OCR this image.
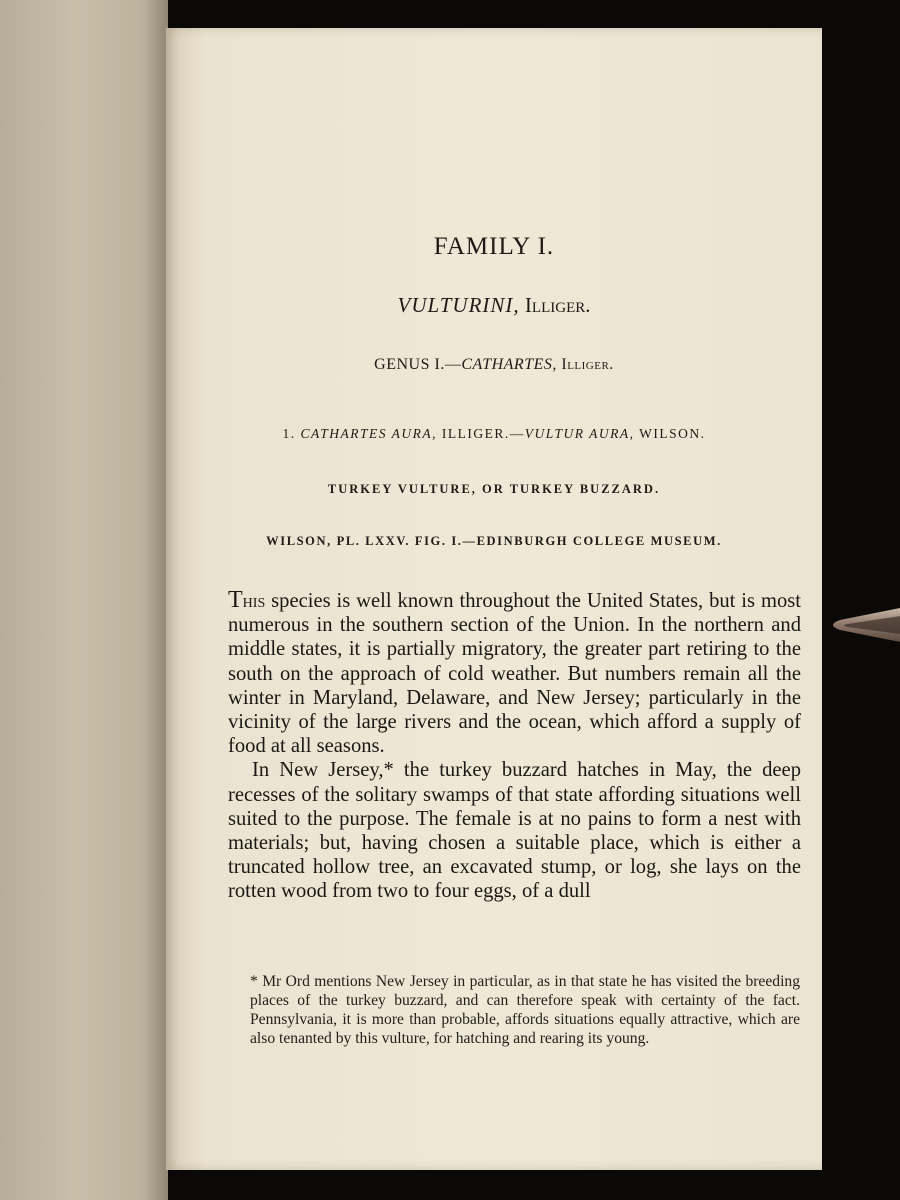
FAMILY I.
VULTURINI, Illiger.
GENUS I.—CATHARTES, Illiger.
1. CATHARTES AURA, ILLIGER.—VULTUR AURA, WILSON.
TURKEY VULTURE, OR TURKEY BUZZARD.
WILSON, PL. LXXV. FIG. I.—EDINBURGH COLLEGE MUSEUM.

This species is well known throughout the United States, but is most numerous in the southern section of the Union. In the northern and middle states, it is partially migratory, the greater part retiring to the south on the approach of cold weather. But numbers remain all the winter in Maryland, Delaware, and New Jersey; particularly in the vicinity of the large rivers and the ocean, which afford a supply of food at all seasons.

In New Jersey,* the turkey buzzard hatches in May, the deep recesses of the solitary swamps of that state affording situations well suited to the purpose. The female is at no pains to form a nest with materials; but, having chosen a suitable place, which is either a truncated hollow tree, an excavated stump, or log, she lays on the rotten wood from two to four eggs, of a dull

* Mr Ord mentions New Jersey in particular, as in that state he has visited the breeding places of the turkey buzzard, and can therefore speak with certainty of the fact. Pennsylvania, it is more than probable, affords situations equally attractive, which are also tenanted by this vulture, for hatching and rearing its young.
